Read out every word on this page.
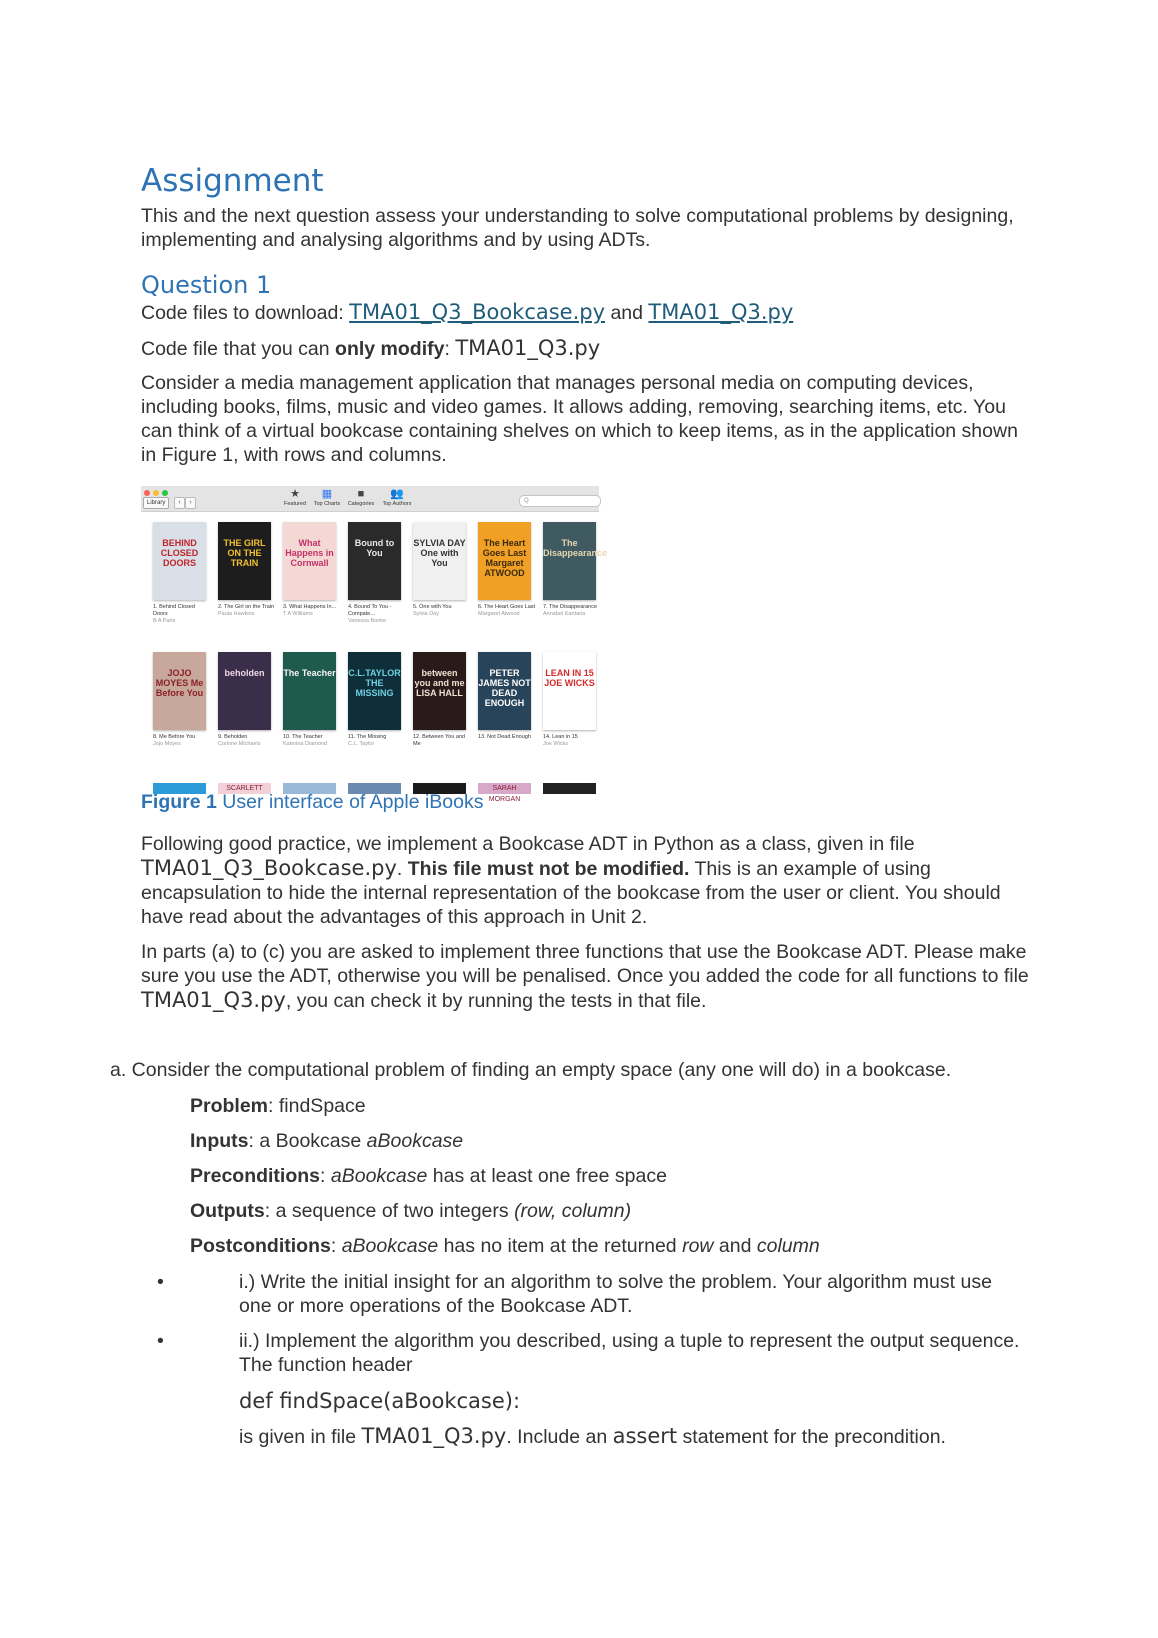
Assignment
This and the next question assess your understanding to solve computational problems by designing, implementing and analysing algorithms and by using ADTs.
Question 1
Code files to download: TMA01_Q3_Bookcase.py and TMA01_Q3.py
Code file that you can only modify: TMA01_Q3.py
Consider a media management application that manages personal media on computing devices, including books, films, music and video games. It allows adding, removing, searching items, etc. You can think of a virtual bookcase containing shelves on which to keep items, as in the application shown in Figure 1, with rows and columns.
Library	‹	›
★
Featured
▦
Top Charts
■
Categories
👥
Top Authors	Q
BEHIND CLOSED DOORS
1. Behind Closed Doors
B A Paris
THE GIRL ON THE TRAIN
2. The Girl on the Train
Paula Hawkins
What Happens in Cornwall
3. What Happens In...
T A Williams
Bound to You
4. Bound To You - Compate...
Vanessa Bonke
SYLVIA DAY One with You
5. One with You
Sylvia Day
The Heart Goes Last Margaret ATWOOD
6. The Heart Goes Last
Margaret Atwood
The Disappearance
7. The Disappearance
Annabel Kantaria
JOJO MOYES Me Before You
8. Me Before You
Jojo Moyes
beholden
9. Beholden
Corinne Michaels
The Teacher
10. The Teacher
Katerina Diamond
C.L.TAYLOR THE MISSING
11. The Missing
C.L. Taylor
between you and me LISA HALL
12. Between You and Me
PETER JAMES NOT DEAD ENOUGH
13. Not Dead Enough
LEAN IN 15 JOE WICKS
14. Lean in 15
Joe Wicks
SCARLETT	SARAH MORGAN
Figure 1 User interface of Apple iBooks
Following good practice, we implement a Bookcase ADT in Python as a class, given in file TMA01_Q3_Bookcase.py. This file must not be modified. This is an example of using encapsulation to hide the internal representation of the bookcase from the user or client. You should have read about the advantages of this approach in Unit 2.
In parts (a) to (c) you are asked to implement three functions that use the Bookcase ADT. Please make sure you use the ADT, otherwise you will be penalised. Once you added the code for all functions to file TMA01_Q3.py, you can check it by running the tests in that file.
a. Consider the computational problem of finding an empty space (any one will do) in a bookcase.
Problem: findSpace
Inputs: a Bookcase aBookcase
Preconditions: aBookcase has at least one free space
Outputs: a sequence of two integers (row, column)
Postconditions: aBookcase has no item at the returned row and column
•	i.) Write the initial insight for an algorithm to solve the problem. Your algorithm must use one or more operations of the Bookcase ADT.
•	ii.) Implement the algorithm you described, using a tuple to represent the output sequence. The function header
def findSpace(aBookcase):
is given in file TMA01_Q3.py. Include an assert statement for the precondition.
